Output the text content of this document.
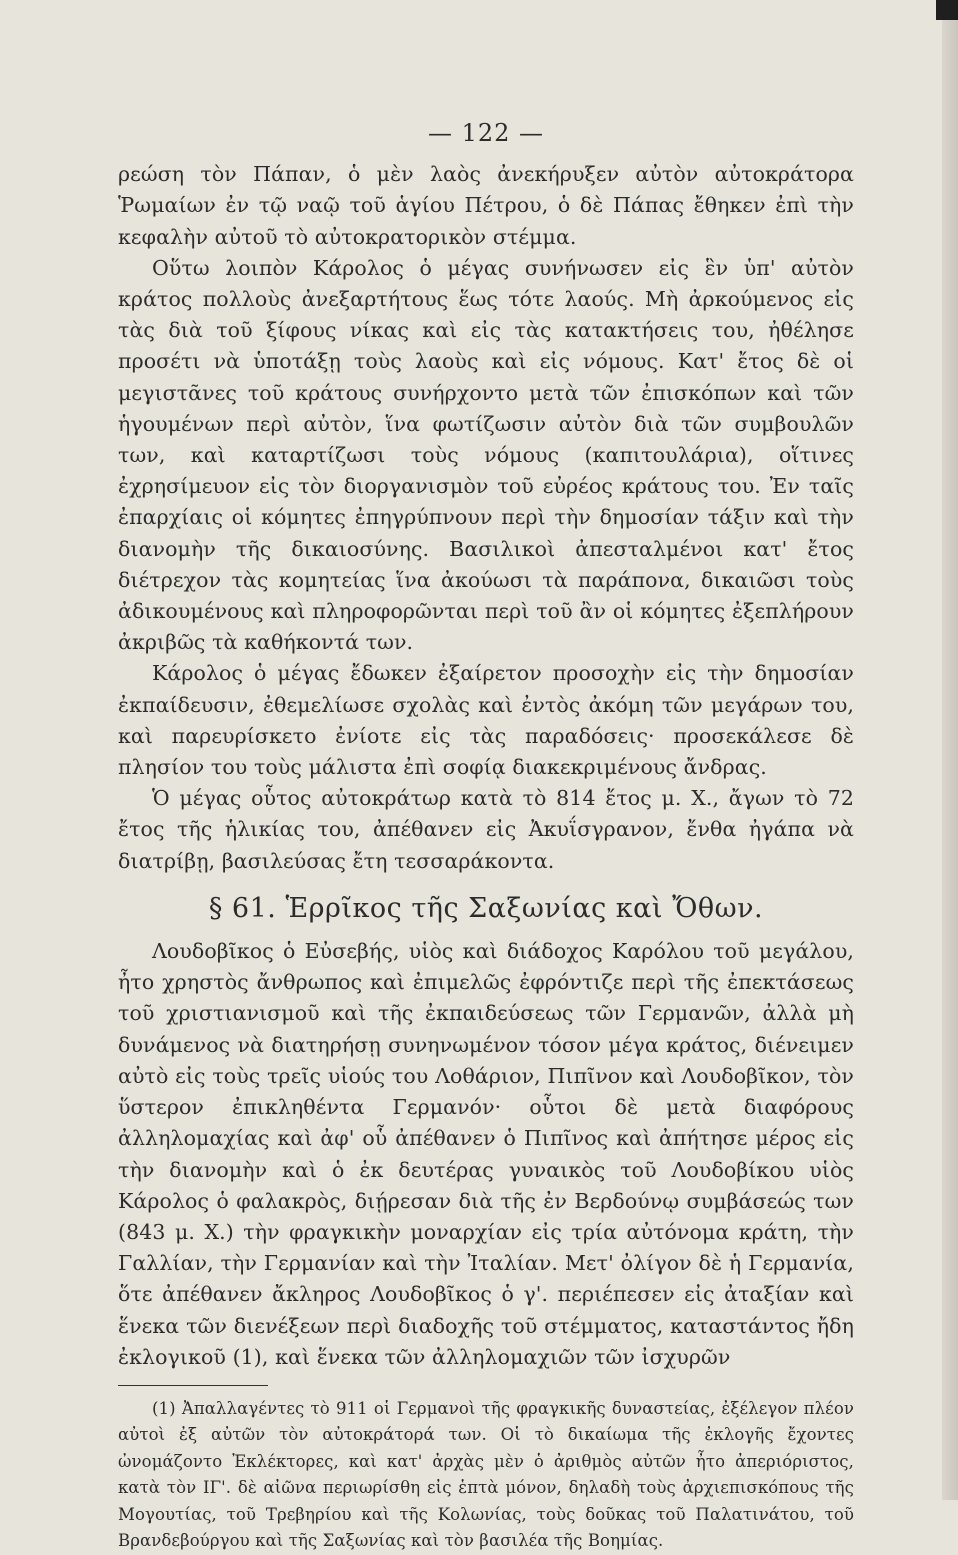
— 122 —

ρεώση τὸν Πάπαν, ὁ μὲν λαὸς ἀνεκήρυξεν αὐτὸν αὐτοκράτορα Ῥωμαίων ἐν τῷ ναῷ τοῦ ἁγίου Πέτρου, ὁ δὲ Πάπας ἔθηκεν ἐπὶ τὴν κεφαλὴν αὐτοῦ τὸ αὐτοκρατορικὸν στέμμα.

Οὕτω λοιπὸν Κάρολος ὁ μέγας συνήνωσεν εἰς ἓν ὑπ' αὐτὸν κράτος πολλοὺς ἀνεξαρτήτους ἕως τότε λαούς. Μὴ ἀρκούμενος εἰς τὰς διὰ τοῦ ξίφους νίκας καὶ εἰς τὰς κατακτήσεις του, ἠθέλησε προσέτι νὰ ὑποτάξῃ τοὺς λαοὺς καὶ εἰς νόμους. Κατ' ἔτος δὲ οἱ μεγιστᾶνες τοῦ κράτους συνήρχοντο μετὰ τῶν ἐπισκόπων καὶ τῶν ἡγουμένων περὶ αὐτὸν, ἵνα φωτίζωσιν αὐτὸν διὰ τῶν συμβουλῶν των, καὶ καταρτίζωσι τοὺς νόμους (καπιτουλάρια), οἵτινες ἐχρησίμευον εἰς τὸν διοργανισμὸν τοῦ εὐρέος κράτους του. Ἐν ταῖς ἐπαρχίαις οἱ κόμητες ἐπηγρύπνουν περὶ τὴν δημοσίαν τάξιν καὶ τὴν διανομὴν τῆς δικαιοσύνης. Βασιλικοὶ ἀπεσταλμένοι κατ' ἔτος διέτρεχον τὰς κομητείας ἵνα ἀκούωσι τὰ παράπονα, δικαιῶσι τοὺς ἀδικουμένους καὶ πληροφορῶνται περὶ τοῦ ἂν οἱ κόμητες ἐξεπλήρουν ἀκριβῶς τὰ καθήκοντά των.

Κάρολος ὁ μέγας ἔδωκεν ἐξαίρετον προσοχὴν εἰς τὴν δημοσίαν ἐκπαίδευσιν, ἐθεμελίωσε σχολὰς καὶ ἐντὸς ἀκόμη τῶν μεγάρων του, καὶ παρευρίσκετο ἐνίοτε εἰς τὰς παραδόσεις· προσεκάλεσε δὲ πλησίον του τοὺς μάλιστα ἐπὶ σοφίᾳ διακεκριμένους ἄνδρας.

Ὁ μέγας οὗτος αὐτοκράτωρ κατὰ τὸ 814 ἔτος μ. Χ., ἄγων τὸ 72 ἔτος τῆς ἡλικίας του, ἀπέθανεν εἰς Ἀκυΐσγρανον, ἔνθα ἠγάπα νὰ διατρίβῃ, βασιλεύσας ἔτη τεσσαράκοντα.

§ 61. Ἑρρῖκος τῆς Σαξωνίας καὶ Ὄθων.

Λουδοβῖκος ὁ Εὐσεβής, υἱὸς καὶ διάδοχος Καρόλου τοῦ μεγάλου, ἦτο χρηστὸς ἄνθρωπος καὶ ἐπιμελῶς ἐφρόντιζε περὶ τῆς ἐπεκτάσεως τοῦ χριστιανισμοῦ καὶ τῆς ἐκπαιδεύσεως τῶν Γερμανῶν, ἀλλὰ μὴ δυνάμενος νὰ διατηρήσῃ συνηνωμένον τόσον μέγα κράτος, διένειμεν αὐτὸ εἰς τοὺς τρεῖς υἱούς του Λοθάριον, Πιπῖνον καὶ Λουδοβῖκον, τὸν ὕστερον ἐπικληθέντα Γερμανόν· οὗτοι δὲ μετὰ διαφόρους ἀλληλομαχίας καὶ ἀφ' οὗ ἀπέθανεν ὁ Πιπῖνος καὶ ἀπήτησε μέρος εἰς τὴν διανομὴν καὶ ὁ ἐκ δευτέρας γυναικὸς τοῦ Λουδοβίκου υἱὸς Κάρολος ὁ φαλακρὸς, διῄρεσαν διὰ τῆς ἐν Βερδούνῳ συμβάσεώς των (843 μ. Χ.) τὴν φραγκικὴν μοναρχίαν εἰς τρία αὐτόνομα κράτη, τὴν Γαλλίαν, τὴν Γερμανίαν καὶ τὴν Ἰταλίαν. Μετ' ὀλίγον δὲ ἡ Γερμανία, ὅτε ἀπέθανεν ἄκληρος Λουδοβῖκος ὁ γ'. περιέπεσεν εἰς ἀταξίαν καὶ ἕνεκα τῶν διενέξεων περὶ διαδοχῆς τοῦ στέμματος, καταστάντος ἤδη ἐκλογικοῦ (1), καὶ ἕνεκα τῶν ἀλληλομαχιῶν τῶν ἰσχυρῶν

(1) Ἀπαλλαγέντες τὸ 911 οἱ Γερμανοὶ τῆς φραγκικῆς δυναστείας, ἐξέλεγον πλέον αὐτοὶ ἐξ αὐτῶν τὸν αὐτοκράτορά των. Οἱ τὸ δικαίωμα τῆς ἐκλογῆς ἔχοντες ὠνομάζοντο Ἐκλέκτορες, καὶ κατ' ἀρχὰς μὲν ὁ ἀριθμὸς αὐτῶν ἦτο ἀπεριόριστος, κατὰ τὸν ΙΓ'. δὲ αἰῶνα περιωρίσθη εἰς ἑπτὰ μόνον, δηλαδὴ τοὺς ἀρχιεπισκόπους τῆς Μογουτίας, τοῦ Τρεβηρίου καὶ τῆς Κολωνίας, τοὺς δοῦκας τοῦ Παλατινάτου, τοῦ Βρανδεβούργου καὶ τῆς Σαξωνίας καὶ τὸν βασιλέα τῆς Βοημίας.
